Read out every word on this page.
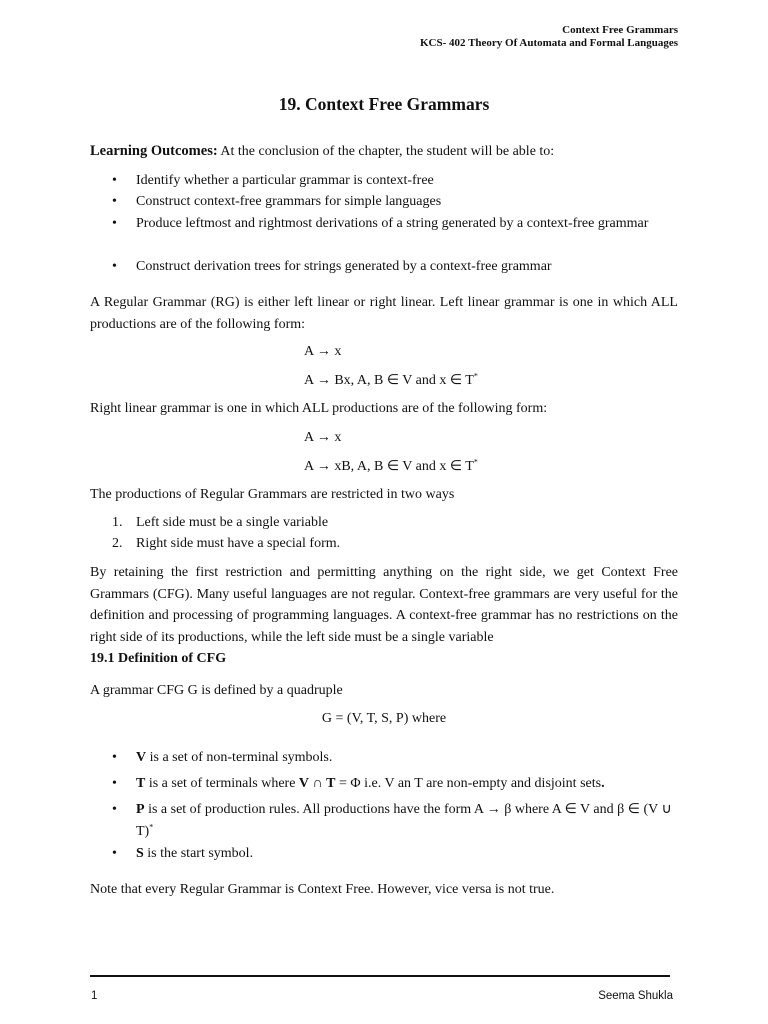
Context Free Grammars
KCS- 402 Theory Of Automata and Formal Languages
19. Context Free Grammars
Learning Outcomes: At the conclusion of the chapter, the student will be able to:
• Identify whether a particular grammar is context-free
• Construct context-free grammars for simple languages
• Produce leftmost and rightmost derivations of a string generated by a context-free grammar
• Construct derivation trees for strings generated by a context-free grammar
A Regular Grammar (RG) is either left linear or right linear. Left linear grammar is one in which ALL productions are of the following form:
A → x
A → Bx, A, B ∈ V and x ∈ T*
Right linear grammar is one in which ALL productions are of the following form:
A → x
A → xB, A, B ∈ V and x ∈ T*
The productions of Regular Grammars are restricted in two ways
1. Left side must be a single variable
2. Right side must have a special form.
By retaining the first restriction and permitting anything on the right side, we get Context Free Grammars (CFG). Many useful languages are not regular. Context-free grammars are very useful for the definition and processing of programming languages. A context-free grammar has no restrictions on the right side of its productions, while the left side must be a single variable
19.1 Definition of CFG
A grammar CFG G is defined by a quadruple
G = (V, T, S, P) where
• V is a set of non-terminal symbols.
• T is a set of terminals where V ∩ T = Φ i.e. V an T are non-empty and disjoint sets.
• P is a set of production rules. All productions have the form A → β where A ∈ V and β ∈ (V ∪ T)*
• S is the start symbol.
Note that every Regular Grammar is Context Free. However, vice versa is not true.
1	Seema Shukla
